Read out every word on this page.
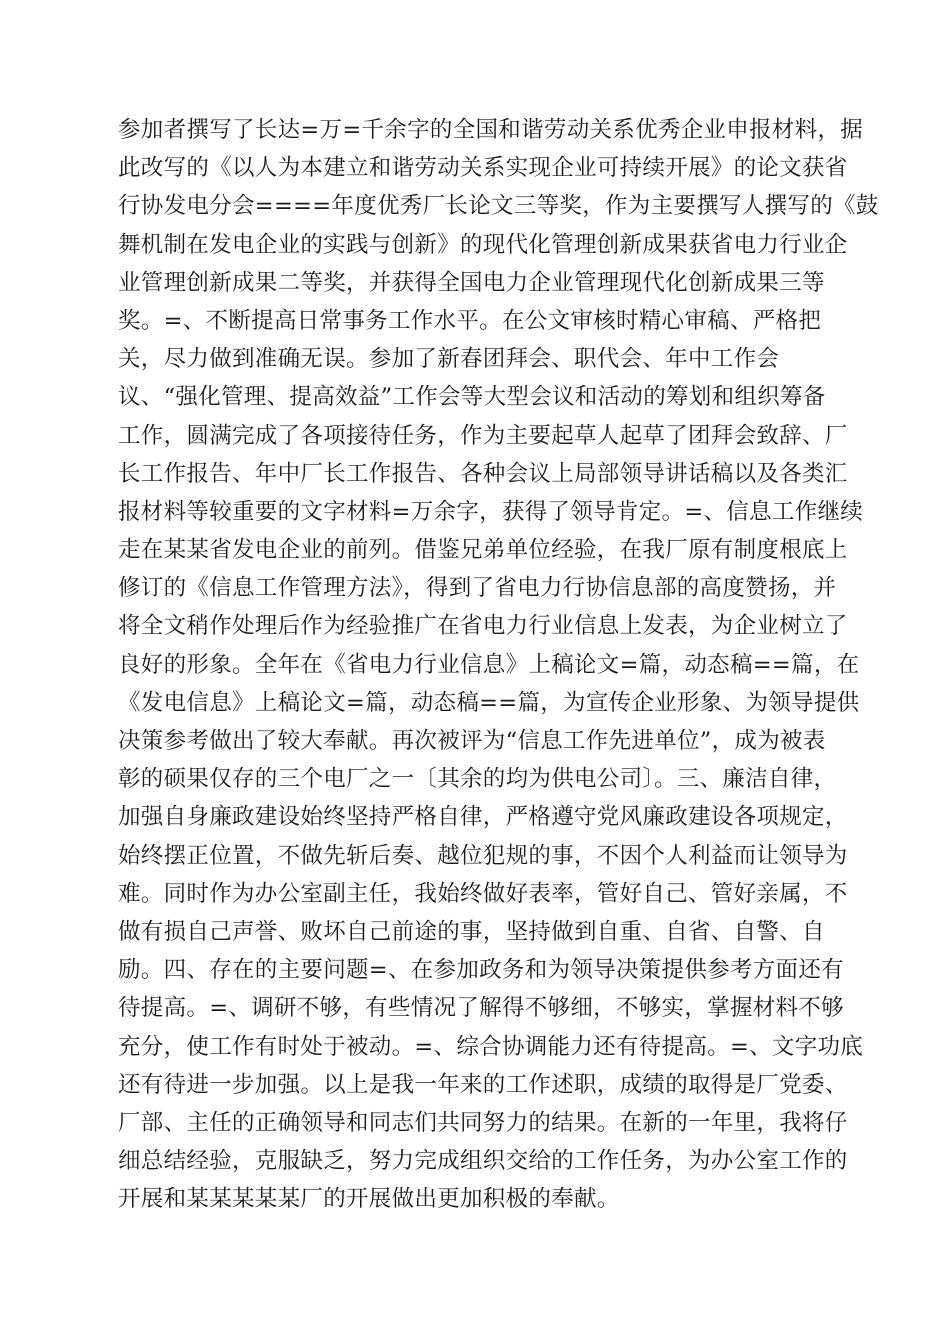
参加者撰写了长达=万=千余字的全国和谐劳动关系优秀企业申报材料，据
此改写的《以人为本建立和谐劳动关系实现企业可持续开展》的论文获省
行协发电分会====年度优秀厂长论文三等奖，作为主要撰写人撰写的《鼓
舞机制在发电企业的实践与创新》的现代化管理创新成果获省电力行业企
业管理创新成果二等奖，并获得全国电力企业管理现代化创新成果三等
奖。=、不断提高日常事务工作水平。在公文审核时精心审稿、严格把
关，尽力做到准确无误。参加了新春团拜会、职代会、年中工作会
议、“强化管理、提高效益”工作会等大型会议和活动的筹划和组织筹备
工作，圆满完成了各项接待任务，作为主要起草人起草了团拜会致辞、厂
长工作报告、年中厂长工作报告、各种会议上局部领导讲话稿以及各类汇
报材料等较重要的文字材料=万余字，获得了领导肯定。=、信息工作继续
走在某某省发电企业的前列。借鉴兄弟单位经验，在我厂原有制度根底上
修订的《信息工作管理方法》，得到了省电力行协信息部的高度赞扬，并
将全文稍作处理后作为经验推广在省电力行业信息上发表，为企业树立了
良好的形象。全年在《省电力行业信息》上稿论文=篇，动态稿==篇，在
《发电信息》上稿论文=篇，动态稿==篇，为宣传企业形象、为领导提供
决策参考做出了较大奉献。再次被评为“信息工作先进单位”，成为被表
彰的硕果仅存的三个电厂之一〔其余的均为供电公司〕。三、廉洁自律，
加强自身廉政建设始终坚持严格自律，严格遵守党风廉政建设各项规定，
始终摆正位置，不做先斩后奏、越位犯规的事，不因个人利益而让领导为
难。同时作为办公室副主任，我始终做好表率，管好自己、管好亲属，不
做有损自己声誉、败坏自己前途的事，坚持做到自重、自省、自警、自
励。四、存在的主要问题=、在参加政务和为领导决策提供参考方面还有
待提高。=、调研不够，有些情况了解得不够细，不够实，掌握材料不够
充分，使工作有时处于被动。=、综合协调能力还有待提高。=、文字功底
还有待进一步加强。以上是我一年来的工作述职，成绩的取得是厂党委、
厂部、主任的正确领导和同志们共同努力的结果。在新的一年里，我将仔
细总结经验，克服缺乏，努力完成组织交给的工作任务，为办公室工作的
开展和某某某某某厂的开展做出更加积极的奉献。
